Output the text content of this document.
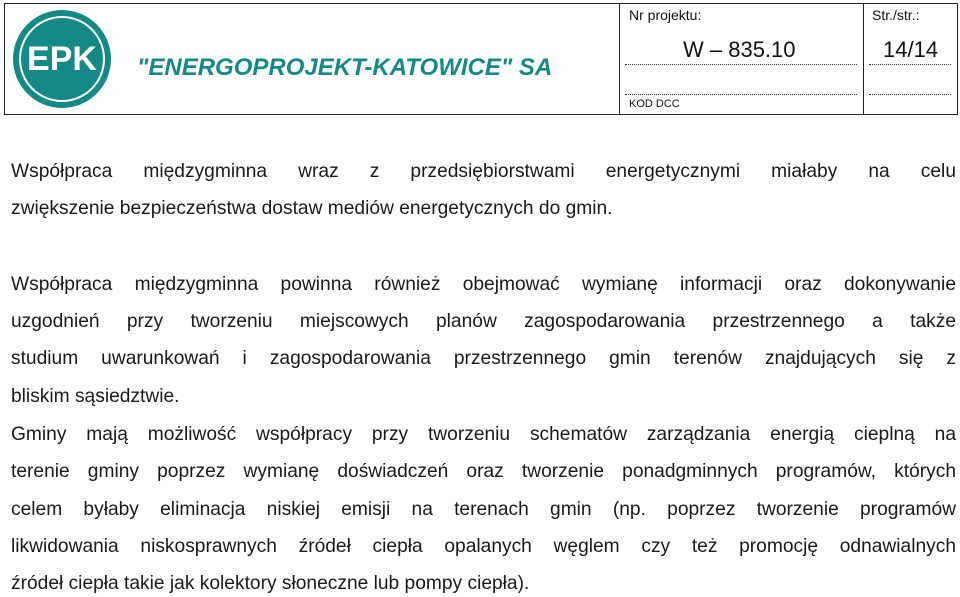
EPK "ENERGOPROJEKT-KATOWICE" SA
Nr projektu:
W – 835.10
KOD DCC
Str./str.:
14/14
Współpraca międzygminna wraz z przedsiębiorstwami energetycznymi miałaby na celu
zwiększenie bezpieczeństwa dostaw mediów energetycznych do gmin.
Współpraca międzygminna powinna również obejmować wymianę informacji oraz dokonywanie
uzgodnień przy tworzeniu miejscowych planów zagospodarowania przestrzennego a także
studium uwarunkowań i zagospodarowania przestrzennego gmin terenów znajdujących się z
bliskim sąsiedztwie.
Gminy mają możliwość współpracy przy tworzeniu schematów zarządzania energią cieplną na
terenie gminy poprzez wymianę doświadczeń oraz tworzenie ponadgminnych programów, których
celem byłaby eliminacja niskiej emisji na terenach gmin (np. poprzez tworzenie programów
likwidowania niskosprawnych źródeł ciepła opalanych węglem czy też promocję odnawialnych
źródeł ciepła takie jak kolektory słoneczne lub pompy ciepła).
